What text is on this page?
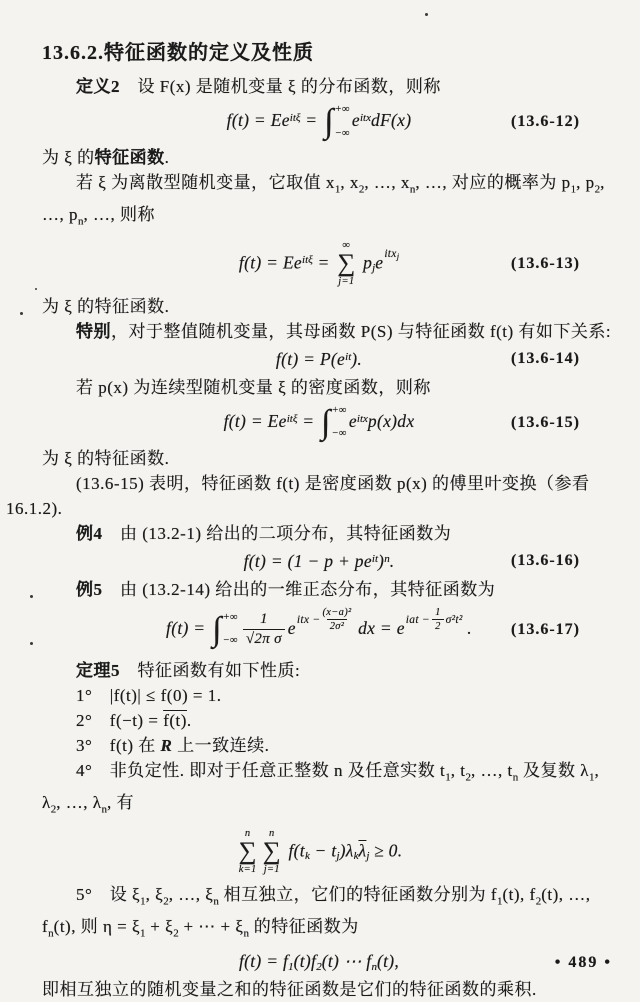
13.6.2.特征函数的定义及性质
定义2　设 F(x) 是随机变量 ξ 的分布函数，则称
$f(t) = Ee^{it\xi}$ = ∫ +∞
−∞
$e^{itx}dF(x)$	(13.6-12)
为 ξ 的特征函数.
若 ξ 为离散型随机变量，它取值 $x_1$, $x_2$, …, $x_n$, …, 对应的概率为 $p_1$, $p_2$,
…, $p_n$, …, 则称
$f(t) = Ee^{it\xi}$ =
∞
∑
j=1
pje itx j	(13.6-13)
为 ξ 的特征函数.
特别，对于整值随机变量，其母函数 P(S) 与特征函数 f(t) 有如下关系:
$f(t) = P(e^{it})$.	(13.6-14)
若 p(x) 为连续型随机变量 ξ 的密度函数，则称
$f(t) = Ee^{it\xi}$ = ∫ +∞
−∞
$e^{itx}p(x)dx$	(13.6-15)
为 ξ 的特征函数.
(13.6-15) 表明，特征函数 f(t) 是密度函数 p(x) 的傅里叶变换（参看
16.1.2).
例4　由 (13.2-1) 给出的二项分布，其特征函数为
$f(t) = (1 - p + pe^{it})^n$.	(13.6-16)
例5　由 (13.2-14) 给出的一维正态分布，其特征函数为
f(t) = ∫ +∞
−∞ $\frac{1}{\text{√2π σ}}$ e itx − $\frac{\text{(x−a)²}}{\text{2σ²}}$ dx = e iat − $\frac{1}{2} \sigma^2t^2$ . (13.6-17)
定理5　特征函数有如下性质:
1°　|f(t)| ≤ f(0) = 1.
2°　f(−t) = f(t).
3°　f(t) 在 R 上一致连续.
4°　非负定性. 即对于任意正整数 n 及任意实数 $t_1$, $t_2$, …, $t_n$ 及复数 $\lambda_1$,
$\lambda_2$, …, $\lambda_n$, 有
n
∑
k=1
n
∑
j=1
$f(tk - tj)\lambda k\overline{\lambda}j \ge 0$.
5°　设 $\xi_1$, $\xi_2$, …, $\xi_n$ 相互独立，它们的特征函数分别为 $f_1(t)$, $f_2(t)$, …,
$f_n(t)$, 则 $\eta = \xi_1 + \xi_2$ + ⋯ + $\xi_n$ 的特征函数为
f(t) = f1(t)f2(t) ⋯ fn(t),
即相互独立的随机变量之和的特征函数是它们的特征函数的乘积.
• 489 •
